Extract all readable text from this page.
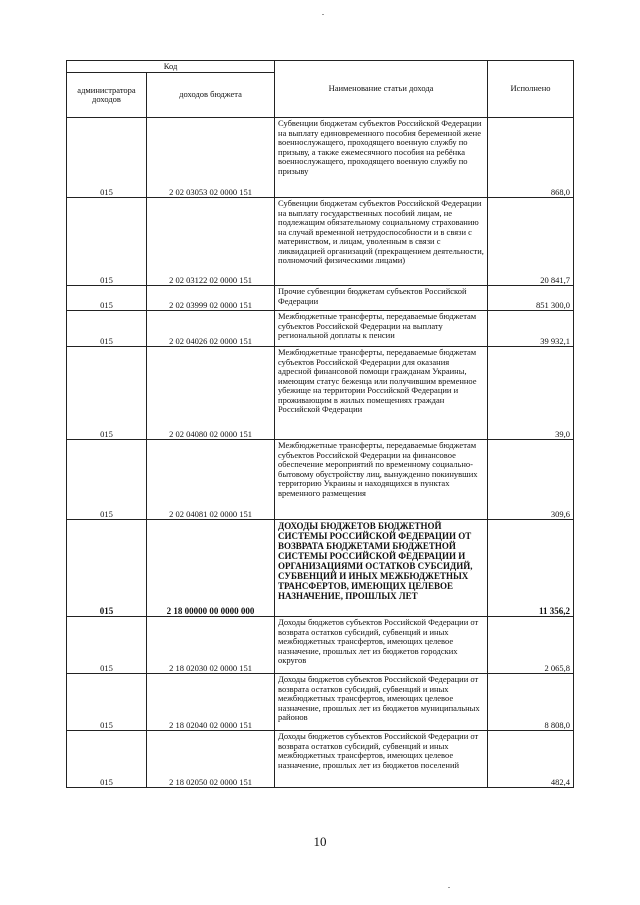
Код		Наименование статьи дохода	Исполнено
администратора доходов	доходов бюджета		
015	2 02 03053 02 0000 151	Субвенции бюджетам субъектов Российской Федерации на выплату единовременного пособия беременной жене военнослужащего, проходящего военную службу по призыву, а также ежемесячного пособия на ребёнка военнослужащего, проходящего военную службу по призыву	868,0
015	2 02 03122 02 0000 151	Субвенции бюджетам субъектов Российской Федерации на выплату государственных пособий лицам, не подлежащим обязательному социальному страхованию на случай временной нетрудоспособности и в связи с материнством, и лицам, уволенным в связи с ликвидацией организаций (прекращением деятельности, полномочий физическими лицами)	20 841,7
015	2 02 03999 02 0000 151	Прочие субвенции бюджетам субъектов Российской Федерации	851 300,0
015	2 02 04026 02 0000 151	Межбюджетные трансферты, передаваемые бюджетам субъектов Российской Федерации на выплату региональной доплаты к пенсии	39 932,1
015	2 02 04080 02 0000 151	Межбюджетные трансферты, передаваемые бюджетам субъектов Российской Федерации для оказания адресной финансовой помощи гражданам Украины, имеющим статус беженца или получившим временное убежище на территории Российской Федерации и проживающим в жилых помещениях граждан Российской Федерации	39,0
015	2 02 04081 02 0000 151	Межбюджетные трансферты, передаваемые бюджетам субъектов Российской Федерации на финансовое обеспечение мероприятий по временному социально-бытовому обустройству лиц, вынужденно покинувших территорию Украины и находящихся в пунктах временного размещения	309,6
015	2 18 00000 00 0000 000	ДОХОДЫ БЮДЖЕТОВ БЮДЖЕТНОЙ СИСТЕМЫ РОССИЙСКОЙ ФЕДЕРАЦИИ ОТ ВОЗВРАТА БЮДЖЕТАМИ БЮДЖЕТНОЙ СИСТЕМЫ РОССИЙСКОЙ ФЕДЕРАЦИИ И ОРГАНИЗАЦИЯМИ ОСТАТКОВ СУБСИДИЙ, СУБВЕНЦИЙ И ИНЫХ МЕЖБЮДЖЕТНЫХ ТРАНСФЕРТОВ, ИМЕЮЩИХ ЦЕЛЕВОЕ НАЗНАЧЕНИЕ, ПРОШЛЫХ ЛЕТ	11 356,2
015	2 18 02030 02 0000 151	Доходы бюджетов субъектов Российской Федерации от возврата остатков субсидий, субвенций и иных межбюджетных трансфертов, имеющих целевое назначение, прошлых лет из бюджетов городских округов	2 065,8
015	2 18 02040 02 0000 151	Доходы бюджетов субъектов Российской Федерации от возврата остатков субсидий, субвенций и иных межбюджетных трансфертов, имеющих целевое назначение, прошлых лет из бюджетов муниципальных районов	8 808,0
015	2 18 02050 02 0000 151	Доходы бюджетов субъектов Российской Федерации от возврата остатков субсидий, субвенций и иных межбюджетных трансфертов, имеющих целевое назначение, прошлых лет из бюджетов поселений	482,4
10
